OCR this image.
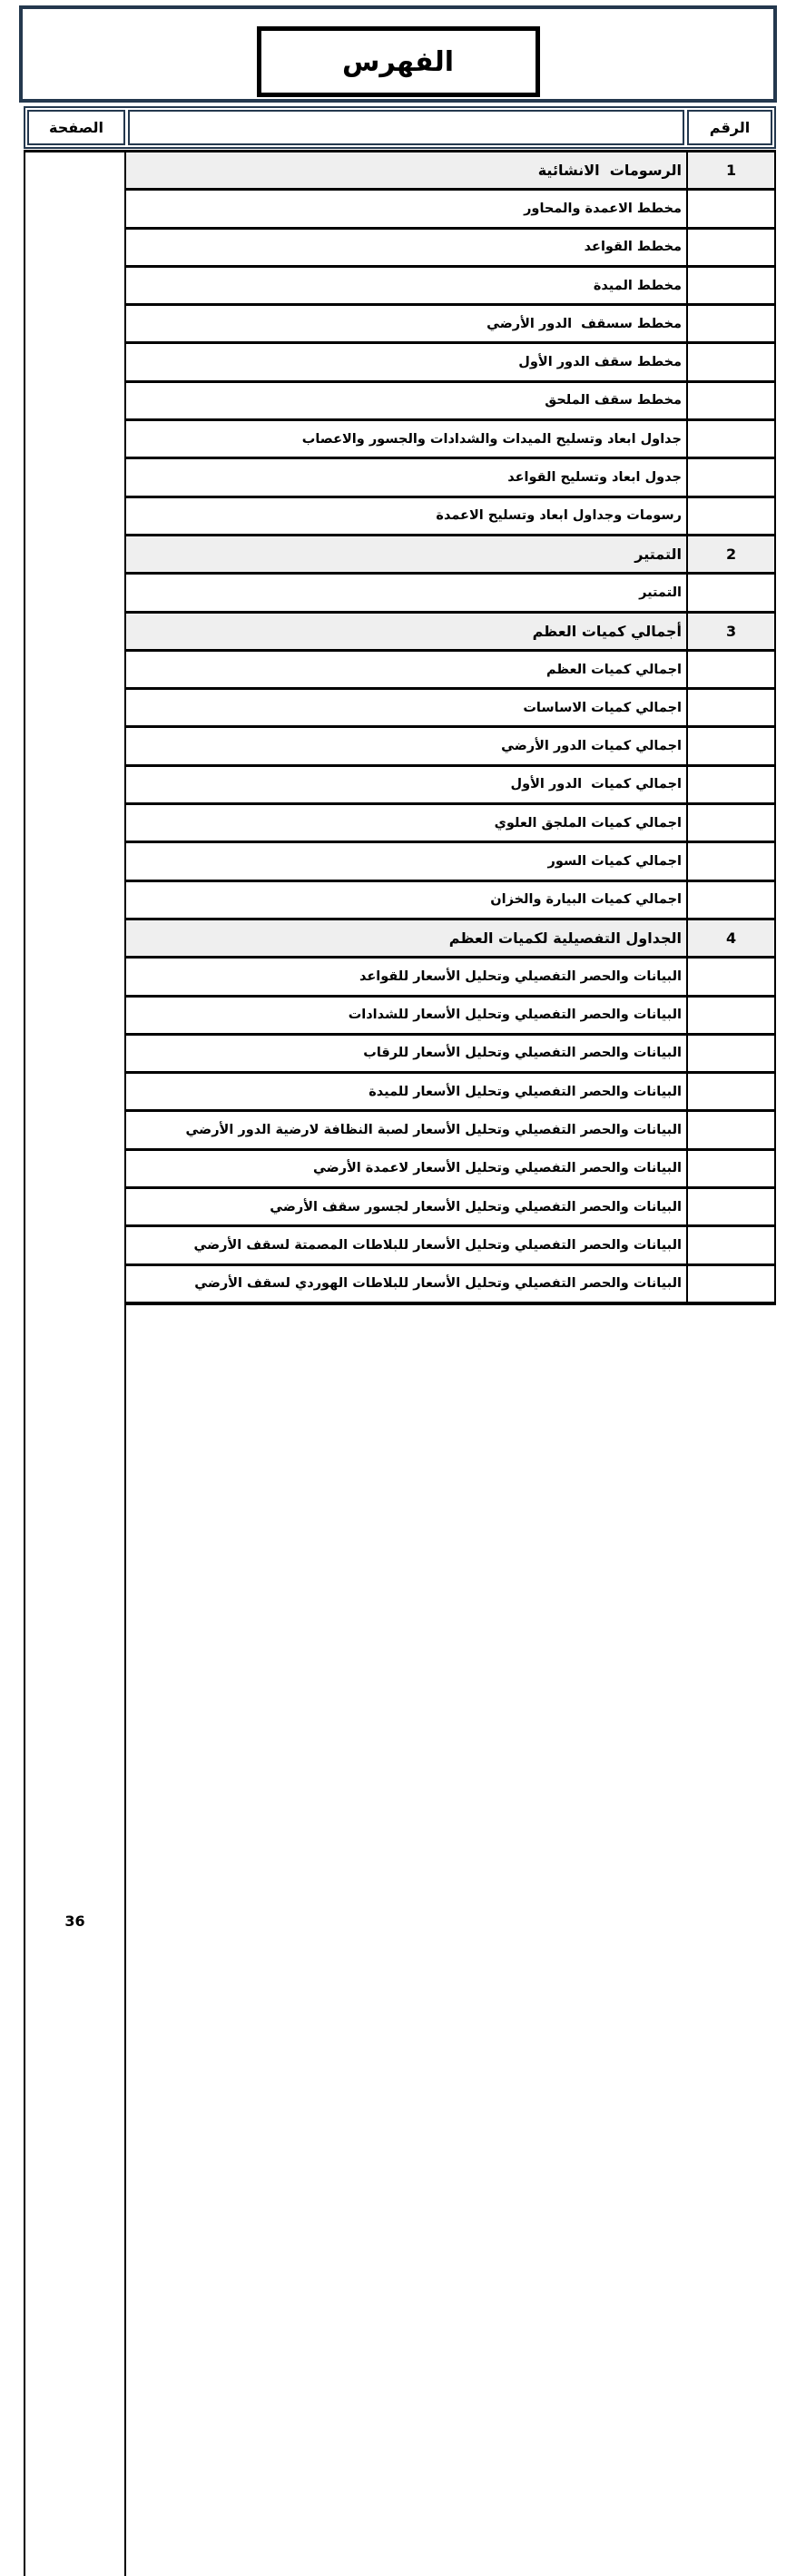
الفهرس
الرقم
الصفحة
1
الرسومات  الانشائية
مخطط الاعمدة والمحاور
مخطط القواعد
مخطط الميدة
مخطط سسقف  الدور الأرضي
مخطط سقف الدور الأول
مخطط سقف الملحق
جداول ابعاد وتسليح الميدات والشدادات والجسور والاعصاب
جدول ابعاد وتسليح القواعد
رسومات وجداول ابعاد وتسليح الاعمدة
2
التمتير
التمتير
3
أجمالي كميات العظم
اجمالي كميات العظم
اجمالي كميات الاساسات
اجمالي كميات الدور الأرضي
اجمالي كميات  الدور الأول
اجمالي كميات الملجق العلوي
اجمالي كميات السور
اجمالي كميات البيارة والخزان
4
الجداول التفصيلية لكميات العظم
البيانات والحصر التفصيلي وتحليل الأسعار للقواعد
البيانات والحصر التفصيلي وتحليل الأسعار للشدادات
البيانات والحصر التفصيلي وتحليل الأسعار للرقاب
البيانات والحصر التفصيلي وتحليل الأسعار للميدة
البيانات والحصر التفصيلي وتحليل الأسعار لصبة النظافة لارضية الدور الأرضي
البيانات والحصر التفصيلي وتحليل الأسعار لاعمدة الأرضي
البيانات والحصر التفصيلي وتحليل الأسعار لجسور سقف الأرضي
البيانات والحصر التفصيلي وتحليل الأسعار للبلاطات المصمتة لسقف الأرضي
البيانات والحصر التفصيلي وتحليل الأسعار للبلاطات الهوردي لسقف الأرضي
36
